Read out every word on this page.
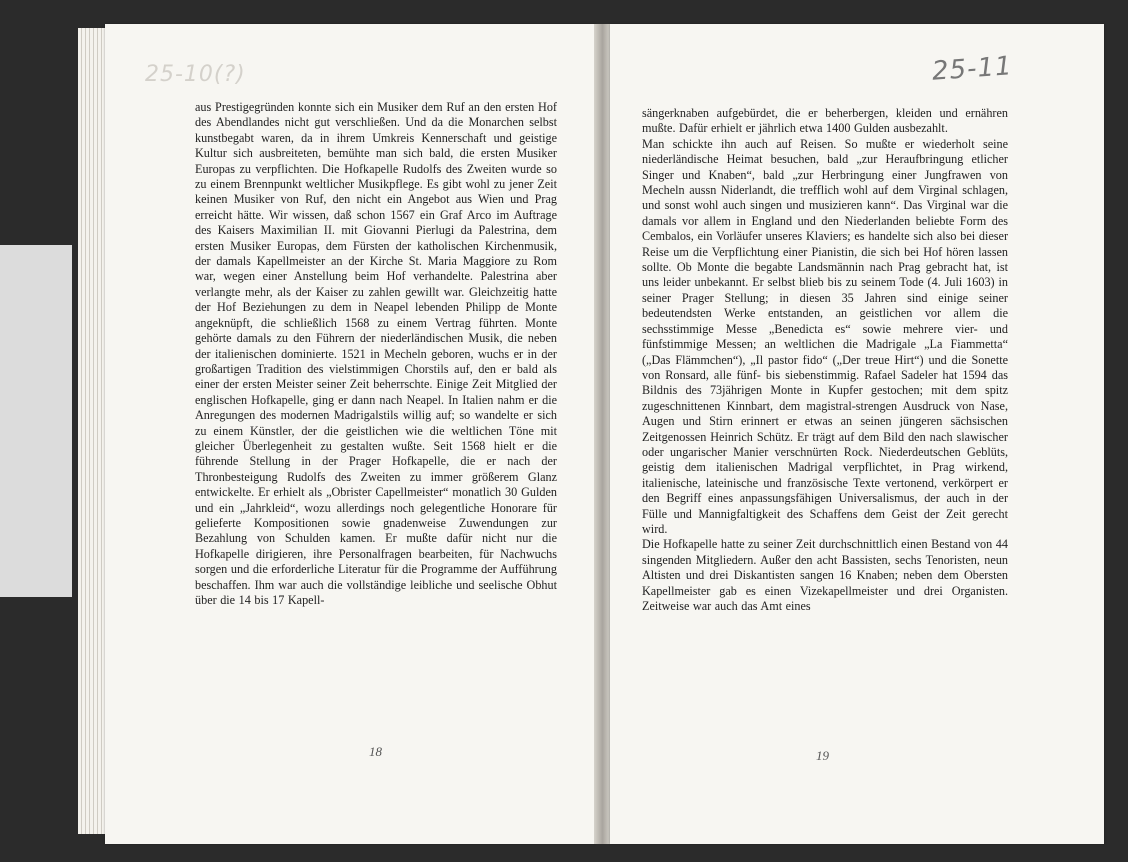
25-10(?)

aus Prestigegründen konnte sich ein Musiker dem Ruf an den ersten Hof des Abendlandes nicht gut verschließen. Und da die Monarchen selbst kunstbegabt waren, da in ihrem Umkreis Kennerschaft und geistige Kultur sich ausbreiteten, bemühte man sich bald, die ersten Musiker Europas zu verpflichten. Die Hofkapelle Rudolfs des Zweiten wurde so zu einem Brennpunkt weltlicher Musikpflege. Es gibt wohl zu jener Zeit keinen Musiker von Ruf, den nicht ein Angebot aus Wien und Prag erreicht hätte. Wir wissen, daß schon 1567 ein Graf Arco im Auftrage des Kaisers Maximilian II. mit Giovanni Pierlugi da Palestrina, dem ersten Musiker Europas, dem Fürsten der katholischen Kirchenmusik, der damals Kapellmeister an der Kirche St. Maria Maggiore zu Rom war, wegen einer Anstellung beim Hof verhandelte. Palestrina aber verlangte mehr, als der Kaiser zu zahlen gewillt war. Gleichzeitig hatte der Hof Beziehungen zu dem in Neapel lebenden Philipp de Monte angeknüpft, die schließlich 1568 zu einem Vertrag führten. Monte gehörte damals zu den Führern der niederländischen Musik, die neben der italienischen dominierte. 1521 in Mecheln geboren, wuchs er in der großartigen Tradition des vielstimmigen Chorstils auf, den er bald als einer der ersten Meister seiner Zeit beherrschte. Einige Zeit Mitglied der englischen Hofkapelle, ging er dann nach Neapel. In Italien nahm er die Anregungen des modernen Madrigalstils willig auf; so wandelte er sich zu einem Künstler, der die geistlichen wie die weltlichen Töne mit gleicher Überlegenheit zu gestalten wußte. Seit 1568 hielt er die führende Stellung in der Prager Hofkapelle, die er nach der Thronbesteigung Rudolfs des Zweiten zu immer größerem Glanz entwickelte. Er erhielt als „Obrister Capellmeister“ monatlich 30 Gulden und ein „Jahrkleid“, wozu allerdings noch gelegentliche Honorare für gelieferte Kompositionen sowie gnadenweise Zuwendungen zur Bezahlung von Schulden kamen. Er mußte dafür nicht nur die Hofkapelle dirigieren, ihre Personalfragen bearbeiten, für Nachwuchs sorgen und die erforderliche Literatur für die Programme der Aufführung beschaffen. Ihm war auch die vollständige leibliche und seelische Obhut über die 14 bis 17 Kapell-

18
25-11

sängerknaben aufgebürdet, die er beherbergen, kleiden und ernähren mußte. Dafür erhielt er jährlich etwa 1400 Gulden ausbezahlt.

Man schickte ihn auch auf Reisen. So mußte er wiederholt seine niederländische Heimat besuchen, bald „zur Heraufbringung etlicher Singer und Knaben“, bald „zur Herbringung einer Jungfrawen von Mecheln aussn Niderlandt, die trefflich wohl auf dem Virginal schlagen, und sonst wohl auch singen und musizieren kann“. Das Virginal war die damals vor allem in England und den Niederlanden beliebte Form des Cembalos, ein Vorläufer unseres Klaviers; es handelte sich also bei dieser Reise um die Verpflichtung einer Pianistin, die sich bei Hof hören lassen sollte. Ob Monte die begabte Landsmännin nach Prag gebracht hat, ist uns leider unbekannt. Er selbst blieb bis zu seinem Tode (4. Juli 1603) in seiner Prager Stellung; in diesen 35 Jahren sind einige seiner bedeutendsten Werke entstanden, an geistlichen vor allem die sechsstimmige Messe „Benedicta es“ sowie mehrere vier- und fünfstimmige Messen; an weltlichen die Madrigale „La Fiammetta“ („Das Flämmchen“), „Il pastor fido“ („Der treue Hirt“) und die Sonette von Ronsard, alle fünf- bis siebenstimmig. Rafael Sadeler hat 1594 das Bildnis des 73jährigen Monte in Kupfer gestochen; mit dem spitz zugeschnittenen Kinnbart, dem magistral-strengen Ausdruck von Nase, Augen und Stirn erinnert er etwas an seinen jüngeren sächsischen Zeitgenossen Heinrich Schütz. Er trägt auf dem Bild den nach slawischer oder ungarischer Manier verschnürten Rock. Niederdeutschen Geblüts, geistig dem italienischen Madrigal verpflichtet, in Prag wirkend, italienische, lateinische und französische Texte vertonend, verkörpert er den Begriff eines anpassungsfähigen Universalismus, der auch in der Fülle und Mannigfaltigkeit des Schaffens dem Geist der Zeit gerecht wird.

Die Hofkapelle hatte zu seiner Zeit durchschnittlich einen Bestand von 44 singenden Mitgliedern. Außer den acht Bassisten, sechs Tenoristen, neun Altisten und drei Diskantisten sangen 16 Knaben; neben dem Obersten Kapellmeister gab es einen Vizekapellmeister und drei Organisten. Zeitweise war auch das Amt eines

19
